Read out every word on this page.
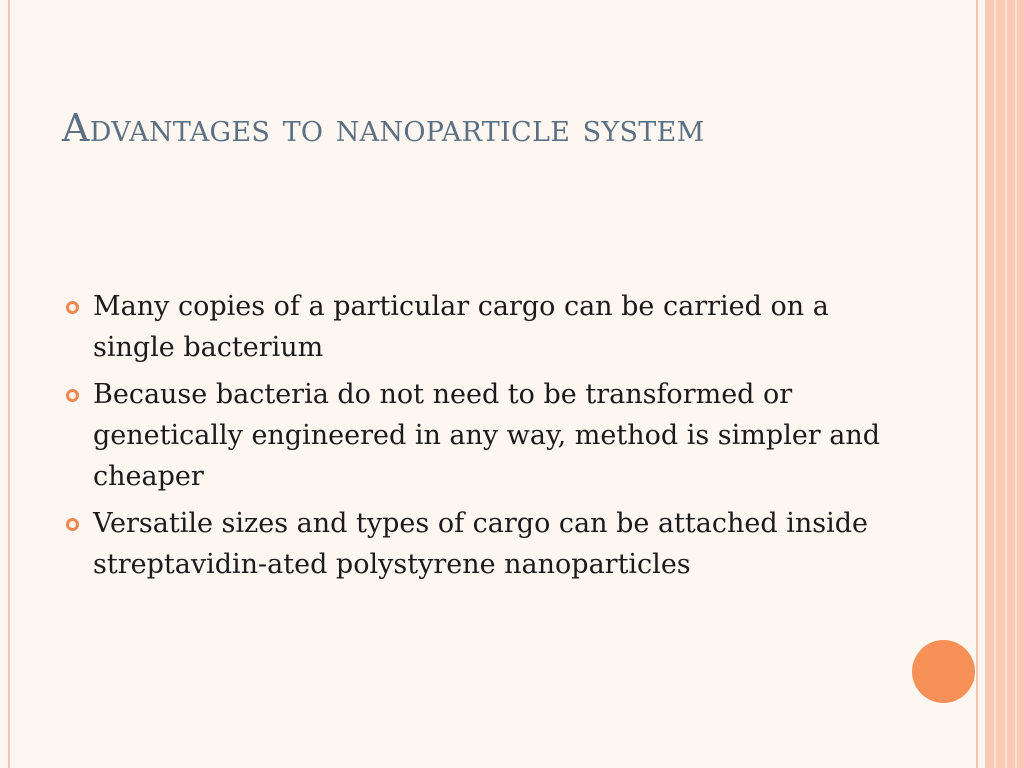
Advantages to nanoparticle system
Many copies of a particular cargo can be carried on a single bacterium
Because bacteria do not need to be transformed or genetically engineered in any way, method is simpler and cheaper
Versatile sizes and types of cargo can be attached inside streptavidin-ated polystyrene nanoparticles
